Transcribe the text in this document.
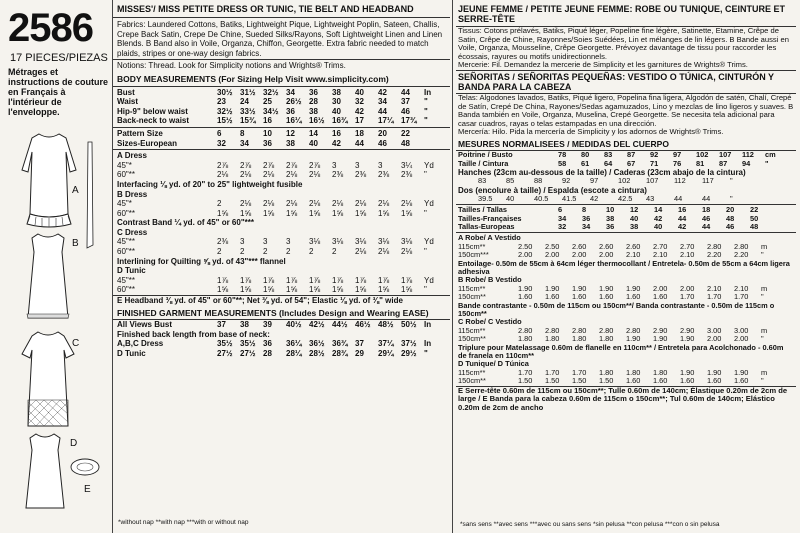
2586
17 PIECES/PIEZAS
Métrages et instructions de couture en Français à l'intérieur de l'enveloppe.
A
B
C
D
E
MISSES'/ MISS PETITE DRESS OR TUNIC, TIE BELT AND HEADBAND
Fabrics: Laundered Cottons, Batiks, Lightweight Pique, Lightweight Poplin, Sateen, Challis, Crepe Back Satin, Crepe De Chine, Sueded Silks/Rayons, Soft Lightweight Linen and Linen Blends. B Band also in Voile, Organza, Chiffon, Georgette. Extra fabric needed to match plaids, stripes or one-way design fabrics.
Notions: Thread. Look for Simplicity notions and Wrights® Trims.
BODY MEASUREMENTS (For Sizing Help Visit www.simplicity.com)
Bust	30½ 31½ 32½ 34	36	38	40	42	44	In
Waist	23	24	25	26½ 28	30	32	34	37	"
Hip-9" below waist	32½ 33½ 34½ 36	38	40	42	44	46	"
Back-neck to waist	15½ 15¾ 16	16¼ 16½ 16¾ 17	17¼ 17¾ "
Pattern Size	6	8	10	12	14	16	18	20	22
Sizes-European	32	34	36	38	40	42	44	46	48
A Dress
45"*	2⅞	2⅞	2⅞	2⅞	2⅞	3	3	3	3¼	Yd
60"**	2⅛	2⅛	2⅛	2⅛	2⅛	2⅜	2⅜	2⅜	2⅜	"
Interfacing ⅛ yd. of 20" to 25" lightweight fusible
B Dress
45"*	2	2⅛	2⅛	2⅛	2⅛	2⅛	2⅛	2⅛	2⅛	Yd
60"**	1⅝	1⅝	1⅝	1⅝	1⅝	1⅝	1⅝	1⅝	1⅝	"
Contrast Band ¼ yd. of 45" or 60"***
C Dress
45"**	2⅜	3	3	3	3⅛	3⅛	3⅛	3⅛	3⅛	Yd
60"**	2	2	2	2	2	2	2⅛	2⅛	2⅛	"
Interlining for Quilting ⅝ yd. of 43"*** flannel
D Tunic
45"**	1⅞	1⅞	1⅞	1⅞	1⅞	1⅞	1⅞	1⅞	1⅞	Yd
60"**	1⅝	1⅝	1⅝	1⅝	1⅝	1⅝	1⅝	1⅝	1⅝	"
E Headband ⅜ yd. of 45" or 60"**; Net ⅜ yd. of 54"; Elastic ⅛ yd. of ⅜" wide
FINISHED GARMENT MEASUREMENTS (Includes Design and Wearing EASE)
All Views Bust	37	38	39	40½ 42½ 44½ 46½ 48½ 50½ In
Finished back length from base of neck:
A,B,C Dress	35½ 35½ 36	36¼ 36½ 36¾ 37	37¼ 37½ In
D Tunic	27½ 27½ 28	28¼ 28½ 28¾ 29	29¼ 29½ "
*without nap **with nap ***with or without nap
JEUNE FEMME / PETITE JEUNE FEMME: ROBE OU TUNIQUE, CEINTURE ET SERRE-TÊTE
Tissus: Cotons prélavés, Batiks, Piqué léger, Popeline fine légère, Satinette, Etamine, Crêpe de Satin, Crêpe de Chine, Rayonnes/Soies Suédées, Lin et mélanges de lin légers. B Bande aussi en Voile, Organza, Mousseline, Crêpe Georgette. Prévoyez davantage de tissu pour raccorder les écossais, rayures ou motifs unidirectionnels.
Mercerie: Fil. Demandez la mercerie de Simplicity et les garnitures de Wrights® Trims.
SEÑORITAS / SEÑORITAS PEQUEÑAS: VESTIDO O TÚNICA, CINTURÓN Y BANDA PARA LA CABEZA
Telas: Algodones lavados, Batiks, Piqué ligero, Popelina fina ligera, Algodón de satén, Chalí, Crepé de Satín, Crepé De China, Rayones/Sedas agamuzados, Lino y mezclas de lino ligeros y suaves. B Banda también en Voile, Organza, Muselina, Crepé Georgette. Se necesita tela adicional para casar cuadros, rayas o telas estampadas en una dirección.
Mercería: Hilo. Pida la mercería de Simplicity y los adornos de Wrights® Trims.
MESURES NORMALISEES / MEDIDAS DEL CUERPO
Poitrine / Busto	78	80	83	87	92	97	102	107	112	cm
Taille / Cintura	58	61	64	67	71	76	81	87	94	"
Hanches (23cm au-dessous de la taille) / Caderas (23cm abajo de la cintura)
83	85	88	92	97	102	107	112	117	"
Dos (encolure à taille) / Espalda (escote a cintura)
39.5	40	40.5	41.5	42	42.5	43	44	44	"
Tailles / Tallas	6	8	10	12	14	16	18	20	22
Tailles-Françaises	34	36	38	40	42	44	46	48	50
Tallas-Europeas	32	34	36	38	40	42	44	46	48
A Robe/ A Vestido
115cm**	2.50	2.50	2.60	2.60	2.60	2.70	2.70	2.80	2.80	m
150cm***	2.00	2.00	2.00	2.00	2.10	2.10	2.10	2.20	2.20	"
Entoilage- 0.50m de 55cm à 64cm léger thermocollant / Entretela- 0.50m de 55cm a 64cm ligera adhesiva
B Robe/ B Vestido
115cm**	1.90	1.90	1.90	1.90	1.90	2.00	2.00	2.10	2.10	m
150cm**	1.60	1.60	1.60	1.60	1.60	1.60	1.70	1.70	1.70	"
Bande contrastante - 0.50m de 115cm ou 150cm**/ Banda contrastante - 0.50m de 115cm o 150cm**
C Robe/ C Vestido
115cm**	2.80	2.80	2.80	2.80	2.80	2.90	2.90	3.00	3.00	m
150cm**	1.80	1.80	1.80	1.80	1.90	1.90	1.90	2.00	2.00	"
Triplure pour Matelassage 0.60m de flanelle en 110cm** / Entretela para Acolchonado - 0.60m de franela en 110cm**
D Tunique/ D Túnica
115cm**	1.70	1.70	1.70	1.80	1.80	1.80	1.90	1.90	1.90	m
150cm**	1.50	1.50	1.50	1.50	1.60	1.60	1.60	1.60	1.60	"
E Serre-tête 0.60m de 115cm ou 150cm**; Tulle 0.60m de 140cm; Élastique 0.20m de 2cm de large / E Banda para la cabeza 0.60m de 115cm o 150cm**; Tul 0.60m de 140cm; Elástico 0.20m de 2cm de ancho
*sans sens **avec sens ***avec ou sans sens *sin pelusa **con pelusa ***con o sin pelusa
